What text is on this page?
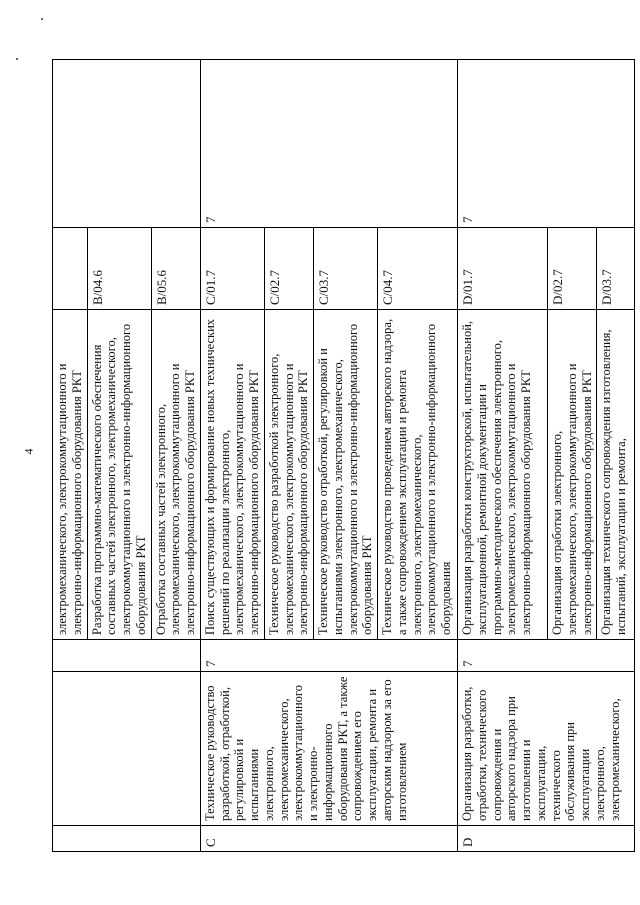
4
			электромеханического, электрокоммутационного и электронно-информационного оборудования РКТ		
			Разработка программно-математического обеспечения составных частей электронного, электромеханического, электрокоммутационного и электронно-информационного оборудования РКТ	B/04.6	
			Отработка составных частей электронного, электромеханического, электрокоммутационного и электронно-информационного оборудования РКТ	B/05.6	
C	Техническое руководство разработкой, отработкой, регулировкой и испытаниями электронного, электромеханического, электрокоммутационного и электронно-информационного оборудования РКТ, а также сопровождением его эксплуатации, ремонта и авторским надзором за его изготовлением	7	Поиск существующих и формирование новых технических решений по реализации электронного, электромеханического, электрокоммутационного и электронно-информационного оборудования РКТ	C/01.7	7
			Техническое руководство разработкой электронного, электромеханического, электрокоммутационного и электронно-информационного оборудования РКТ	C/02.7	
			Техническое руководство отработкой, регулировкой и испытаниями электронного, электромеханического, электрокоммутационного и электронно-информационного оборудования РКТ	C/03.7	
			Техническое руководство проведением авторского надзора, а также сопровождением эксплуатации и ремонта электронного, электромеханического, электрокоммутационного и электронно-информационного оборудования	C/04.7	
D	Организация разработки, отработки, технического сопровождения и авторского надзора при изготовлении и эксплуатации, технического обслуживания при эксплуатации электронного, электромеханического,	7	Организация разработки конструкторской, испытательной, эксплуатационной, ремонтной документации и программно-методического обеспечения электронного, электромеханического, электрокоммутационного и электронно-информационного оборудования РКТ	D/01.7	7
			Организация отработки электронного, электромеханического, электрокоммутационного и электронно-информационного оборудования РКТ	D/02.7	
			Организация технического сопровождения изготовления, испытаний, эксплуатации и ремонта,	D/03.7	
